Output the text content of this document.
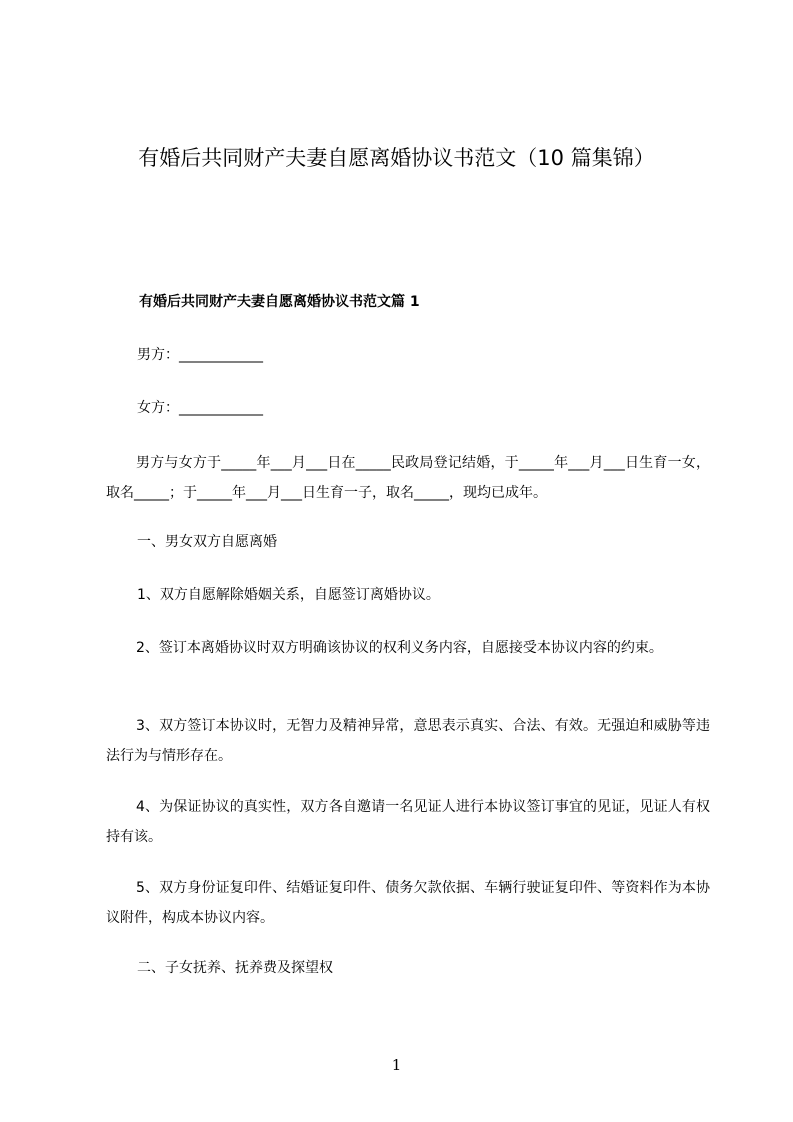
有婚后共同财产夫妻自愿离婚协议书范文（10 篇集锦）
有婚后共同财产夫妻自愿离婚协议书范文篇 1
男方：____________
女方：____________
男方与女方于_____年___月___日在_____民政局登记结婚，于_____年___月___日生育一女，取名_____；于_____年___月___日生育一子，取名_____，现均已成年。
一、男女双方自愿离婚
1、双方自愿解除婚姻关系，自愿签订离婚协议。
2、签订本离婚协议时双方明确该协议的权利义务内容，自愿接受本协议内容的约束。
3、双方签订本协议时，无智力及精神异常，意思表示真实、合法、有效。无强迫和威胁等违法行为与情形存在。
4、为保证协议的真实性，双方各自邀请一名见证人进行本协议签订事宜的见证，见证人有权持有该。
5、双方身份证复印件、结婚证复印件、债务欠款依据、车辆行驶证复印件、等资料作为本协议附件，构成本协议内容。
二、子女抚养、抚养费及探望权
1
